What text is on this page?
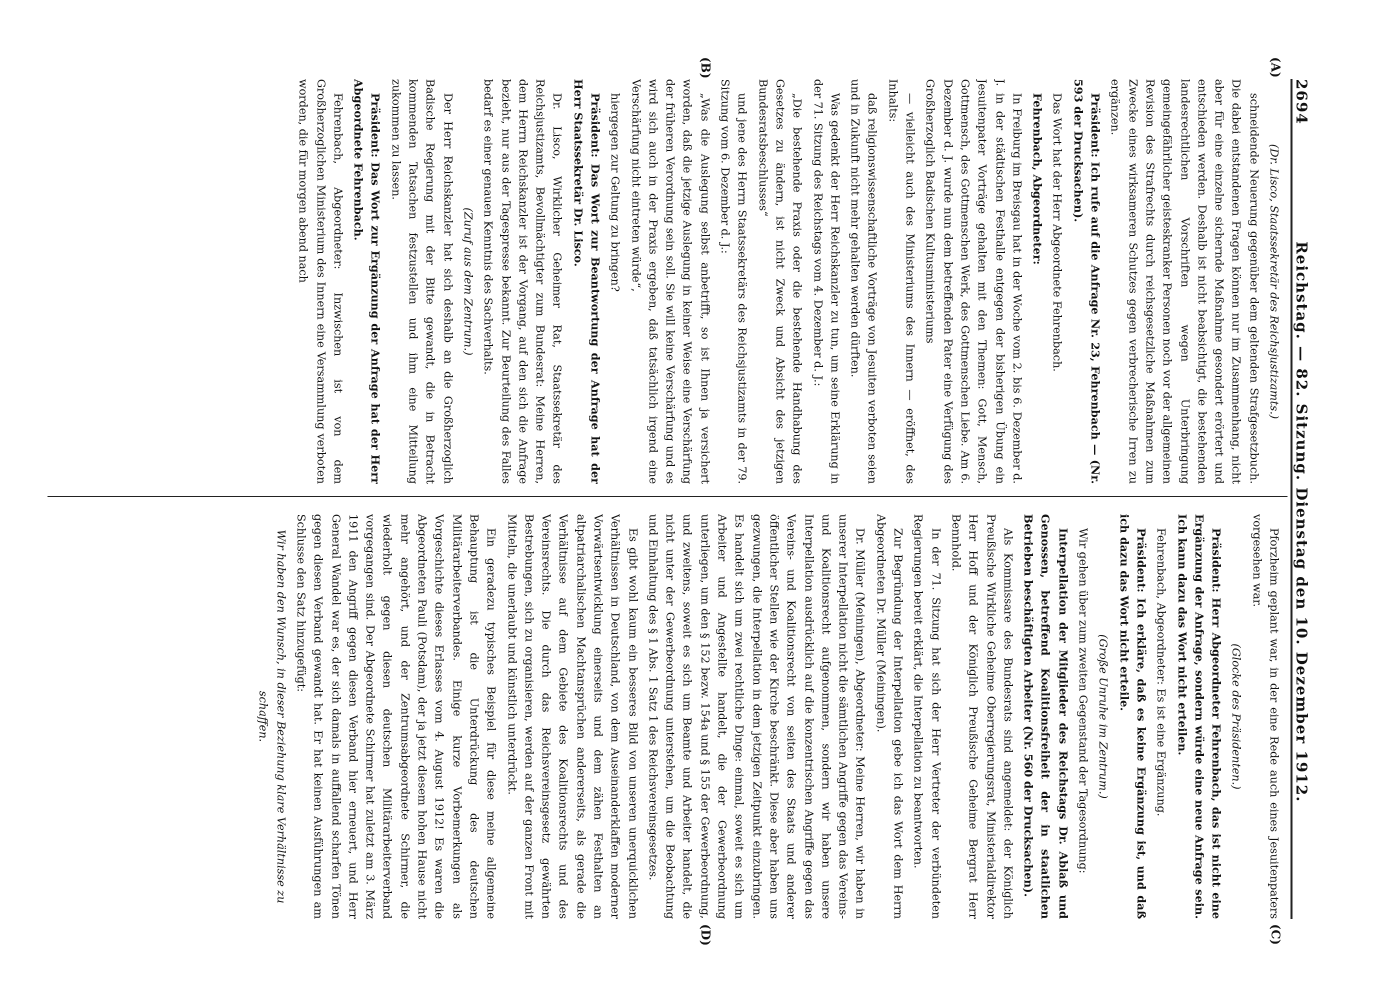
2694
Reichstag. — 82. Sitzung. Dienstag den 10. Dezember 1912.
(A)
(B)
(C)
(D)

(Dr. Lisco, Staatssekretär des Reichsjustizamts.)

schneidende Neuerung gegenüber dem geltenden Strafgesetzbuch. Die dabei entstandenen Fragen können nur im Zusammenhang, nicht aber für eine einzelne sichernde Maßnahme gesondert erörtert und entschieden werden. Deshalb ist nicht beabsichtigt, die bestehenden landesrechtlichen Vorschriften wegen Unterbringung gemeingefährlicher geisteskranker Personen noch vor der allgemeinen Revision des Strafrechts durch reichsgesetzliche Maßnahmen zum Zwecke eines wirksameren Schutzes gegen verbrecherische Irren zu ergänzen.

Präsident: Ich rufe auf die Anfrage Nr. 23, Fehrenbach — (Nr. 593 der Drucksachen).

Das Wort hat der Herr Abgeordnete Fehrenbach.

Fehrenbach, Abgeordneter:

In Freiburg im Breisgau hat in der Woche vom 2. bis 6. Dezember d. J. in der städtischen Festhalle entgegen der bisherigen Übung ein Jesuitenpater Vorträge gehalten mit den Themen: Gott, Mensch, Gottmensch, des Gottmenschen Werk, des Gottmenschen Liebe. Am 6. Dezember d. J. wurde nun dem betreffenden Pater eine Verfügung des Großherzoglich Badischen Kultusministeriums

— vielleicht auch des Ministeriums des Innern — eröffnet, des Inhalts:

daß religionswissenschaftliche Vorträge von Jesuiten verboten seien und in Zukunft nicht mehr gehalten werden dürften.

Was gedenkt der Herr Reichskanzler zu tun, um seine Erklärung in der 71. Sitzung des Reichstags vom 4. Dezember d. J.:

„Die bestehende Praxis oder die bestehende Handhabung des Gesetzes zu ändern, ist nicht Zweck und Absicht des jetzigen Bundesratsbeschlusses“

und jene des Herrn Staatssekretärs des Reichsjustizamts in der 79. Sitzung vom 6. Dezember d. J.:

„Was die Auslegung selbst anbetrifft, so ist Ihnen ja versichert worden, daß die jetzige Auslegung in keiner Weise eine Verschärfung der früheren Verordnung sein soll. Sie will keine Verschärfung und es wird sich auch in der Praxis ergeben, daß tatsächlich irgend eine Verschärfung nicht eintreten würde“,

hiergegen zur Geltung zu bringen?

Präsident: Das Wort zur Beantwortung der Anfrage hat der Herr Staatssekretär Dr. Lisco.

Dr. Lisco, Wirklicher Geheimer Rat, Staatssekretär des Reichsjustizamts, Bevollmächtigter zum Bundesrat: Meine Herren, dem Herrn Reichskanzler ist der Vorgang, auf den sich die Anfrage bezieht, nur aus der Tagespresse bekannt. Zur Beurteilung des Falles bedarf es einer genauen Kenntnis des Sachverhalts.

(Zuruf aus dem Zentrum.)

Der Herr Reichskanzler hat sich deshalb an die Großherzoglich Badische Regierung mit der Bitte gewandt, die in Betracht kommenden Tatsachen festzustellen und ihm eine Mitteilung zukommen zu lassen.

Präsident: Das Wort zur Ergänzung der Anfrage hat der Herr Abgeordnete Fehrenbach.

Fehrenbach, Abgeordneter: Inzwischen ist von dem Großherzoglichen Ministerium des Innern eine Versammlung verboten worden, die für morgen abend nach

Pforzheim geplant war, in der eine Rede auch eines Jesuitenpaters vorgesehen war.

(Glocke des Präsidenten.)

Präsident: Herr Abgeordneter Fehrenbach, das ist nicht eine Ergänzung der Anfrage, sondern würde eine neue Anfrage sein. Ich kann dazu das Wort nicht erteilen.

Fehrenbach, Abgeordneter: Es ist eine Ergänzung.

Präsident: Ich erkläre, daß es keine Ergänzung ist, und daß ich dazu das Wort nicht erteile.

(Große Unruhe im Zentrum.)

Wir gehen über zum zweiten Gegenstand der Tagesordnung:

Interpellation der Mitglieder des Reichstags Dr. Ablaß und Genossen, betreffend Koalitionsfreiheit der in staatlichen Betrieben beschäftigten Arbeiter (Nr. 560 der Drucksachen).

Als Kommissare des Bundesrats sind angemeldet: der Königlich Preußische Wirkliche Geheime Oberregierungsrat, Ministerialdirektor Herr Hoff und der Königlich Preußische Geheime Bergrat Herr Bennhold.

In der 71. Sitzung hat sich der Herr Vertreter der verbündeten Regierungen bereit erklärt, die Interpellation zu beantworten.

Zur Begründung der Interpellation gebe ich das Wort dem Herrn Abgeordneten Dr. Müller (Meiningen).

Dr. Müller (Meiningen), Abgeordneter: Meine Herren, wir haben in unserer Interpellation nicht die sämtlichen Angriffe gegen das Vereins- und Koalitionsrecht aufgenommen, sondern wir haben unsere Interpellation ausdrücklich auf die konzentrischen Angriffe gegen das Vereins- und Koalitionsrecht von seiten des Staats und anderer öffentlicher Stellen wie der Kirche beschränkt. Diese aber haben uns gezwungen, die Interpellation in dem jetzigen Zeitpunkt einzubringen. Es handelt sich um zwei rechtliche Dinge: einmal, soweit es sich um Arbeiter und Angestellte handelt, die der Gewerbeordnung unterliegen, um den § 152 bezw. 154a und § 155 der Gewerbeordnung, und zweitens, soweit es sich um Beamte und Arbeiter handelt, die nicht unter der Gewerbeordnung unterstehen, um die Beobachtung und Einhaltung des § 1 Abs. 1 Satz 1 des Reichsvereinsgesetzes.

Es gibt wohl kaum ein besseres Bild von unseren unerquicklichen Verhältnissen in Deutschland, von dem Auseinanderklaffen moderner Vorwärtsentwicklung einerseits und dem zähen Festhalten an altpatriarchalischen Machtansprüchen andererseits, als gerade die Verhältnisse auf dem Gebiete des Koalitionsrechts und des Vereinsrechts. Die durch das Reichsvereinsgesetz gewährten Bestrebungen, sich zu organisieren, werden auf der ganzen Front mit Mitteln, die unerlaubt und künstlich unterdrückt.

Ein geradezu typisches Beispiel für diese meine allgemeine Behauptung ist die Unterdrückung des deutschen Militärarbeiterverbandes. Einige kurze Vorbemerkungen als Vorgeschichte dieses Erlasses vom 4. August 1912! Es waren die Abgeordneten Pauli (Potsdam), der ja jetzt diesem hohen Hause nicht mehr angehört, und der Zentrumsabgeordnete Schirmer, die wiederholt gegen diesen deutschen Militärarbeiterverband vorgegangen sind. Der Abgeordnete Schirmer hat zuletzt am 3. März 1911 den Angriff gegen diesen Verband hier erneuert, und Herr General Wandel war es, der sich damals in auffallend scharfen Tönen gegen diesen Verband gewandt hat. Er hat keinen Ausführungen am Schlusse den Satz hinzugefügt:

Wir haben den Wunsch, in dieser Beziehung klare Verhältnisse zu schaffen.
